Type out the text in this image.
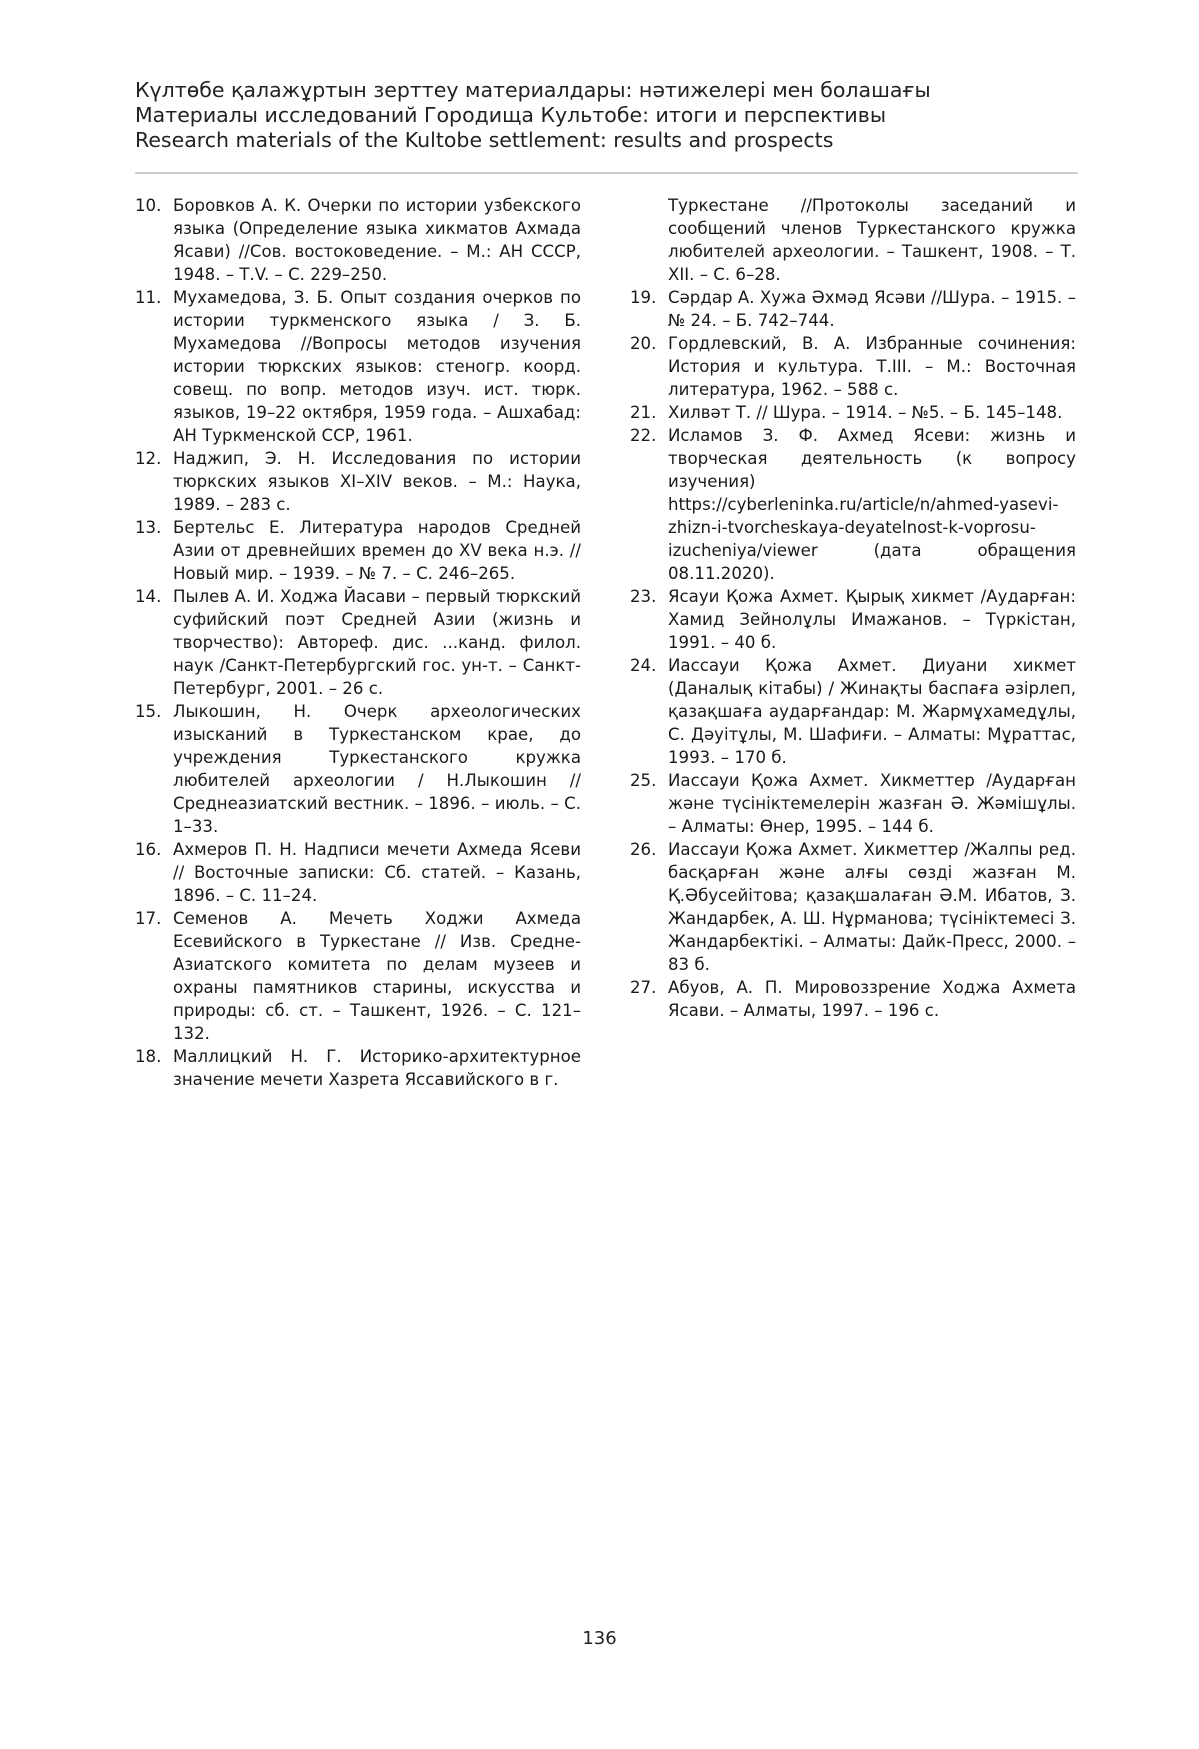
Күлтөбе қалажұртын зерттеу материалдары: нәтижелері мен болашағы
Материалы исследований Городища Культобе: итоги и перспективы
Research materials of the Kultobe settlement: results and prospects
10. Боровков А. К. Очерки по истории узбекского языка (Определение языка хикматов Ахмада Ясави) //Сов. востоковедение. – М.: АН СССР, 1948. – Т.V. – С. 229–250.
11. Мухамедова, З. Б. Опыт создания очерков по истории туркменского языка / З. Б. Мухамедова //Вопросы методов изучения истории тюркских языков: стеногр. коорд. совещ. по вопр. методов изуч. ист. тюрк. языков, 19–22 октября, 1959 года. – Ашхабад: АН Туркменской ССР, 1961.
12. Наджип, Э. Н. Исследования по истории тюркских языков XI–XIV веков. – М.: Наука, 1989. – 283 с.
13. Бертельс Е. Литература народов Средней Азии от древнейших времен до XV века н.э. // Новый мир. – 1939. – № 7. – С. 246–265.
14. Пылев А. И. Ходжа Йасави – первый тюркский суфийский поэт Средней Азии (жизнь и творчество): Автореф. дис. ...канд. филол. наук /Санкт-Петербургский гос. ун-т. – Санкт-Петербург, 2001. – 26 с.
15. Лыкошин, Н. Очерк археологических изысканий в Туркестанском крае, до учреждения Туркестанского кружка любителей археологии / Н.Лыкошин // Среднеазиатский вестник. – 1896. – июль. – С. 1–33.
16. Ахмеров П. Н. Надписи мечети Ахмеда Ясеви // Восточные записки: Сб. статей. – Казань, 1896. – С. 11–24.
17. Семенов А. Мечеть Ходжи Ахмеда Есевийского в Туркестане // Изв. Средне-Азиатского комитета по делам музеев и охраны памятников старины, искусства и природы: сб. ст. – Ташкент, 1926. – С. 121–132.
18. Маллицкий Н. Г. Историко-архитектурное значение мечети Хазрета Яссавийского в г.
Туркестане //Протоколы заседаний и сообщений членов Туркестанского кружка любителей археологии. – Ташкент, 1908. – Т. XII. – С. 6–28.
19. Сәрдар А. Хужа Әхмәд Ясәви //Шура. – 1915. – № 24. – Б. 742–744.
20. Гордлевский, В. А. Избранные сочинения: История и культура. Т.III. – М.: Восточная литература, 1962. – 588 с.
21. Хилвәт Т. // Шура. – 1914. – №5. – Б. 145–148.
22. Исламов З. Ф. Ахмед Ясеви: жизнь и творческая деятельность (к вопросу изучения) https://cyberleninka.ru/article/n/ahmed-yasevi-zhizn-i-tvorcheskaya-deyatelnost-k-voprosu-izucheniya/viewer (дата обращения 08.11.2020).
23. Ясауи Қожа Ахмет. Қырық хикмет /Аударған: Хамид Зейнолұлы Имажанов. – Түркістан, 1991. – 40 б.
24. Иассауи Қожа Ахмет. Диуани хикмет (Даналық кітабы) / Жинақты баспаға әзірлеп, қазақшаға аударғандар: М. Жармұхамедұлы, С. Дәуітұлы, М. Шафиғи. – Алматы: Мұраттас, 1993. – 170 б.
25. Иассауи Қожа Ахмет. Хикметтер /Аударған және түсініктемелерін жазған Ә. Жәмішұлы. – Алматы: Өнер, 1995. – 144 б.
26. Иассауи Қожа Ахмет. Хикметтер /Жалпы ред. басқарған және алғы сөзді жазған М. Қ.Әбусейітова; қазақшалаған Ә.М. Ибатов, З. Жандарбек, А. Ш. Нұрманова; түсініктемесі З. Жандарбектікі. – Алматы: Дайк-Пресс, 2000. – 83 б.
27. Абуов, А. П. Мировоззрение Ходжа Ахмета Ясави. – Алматы, 1997. – 196 с.
136
